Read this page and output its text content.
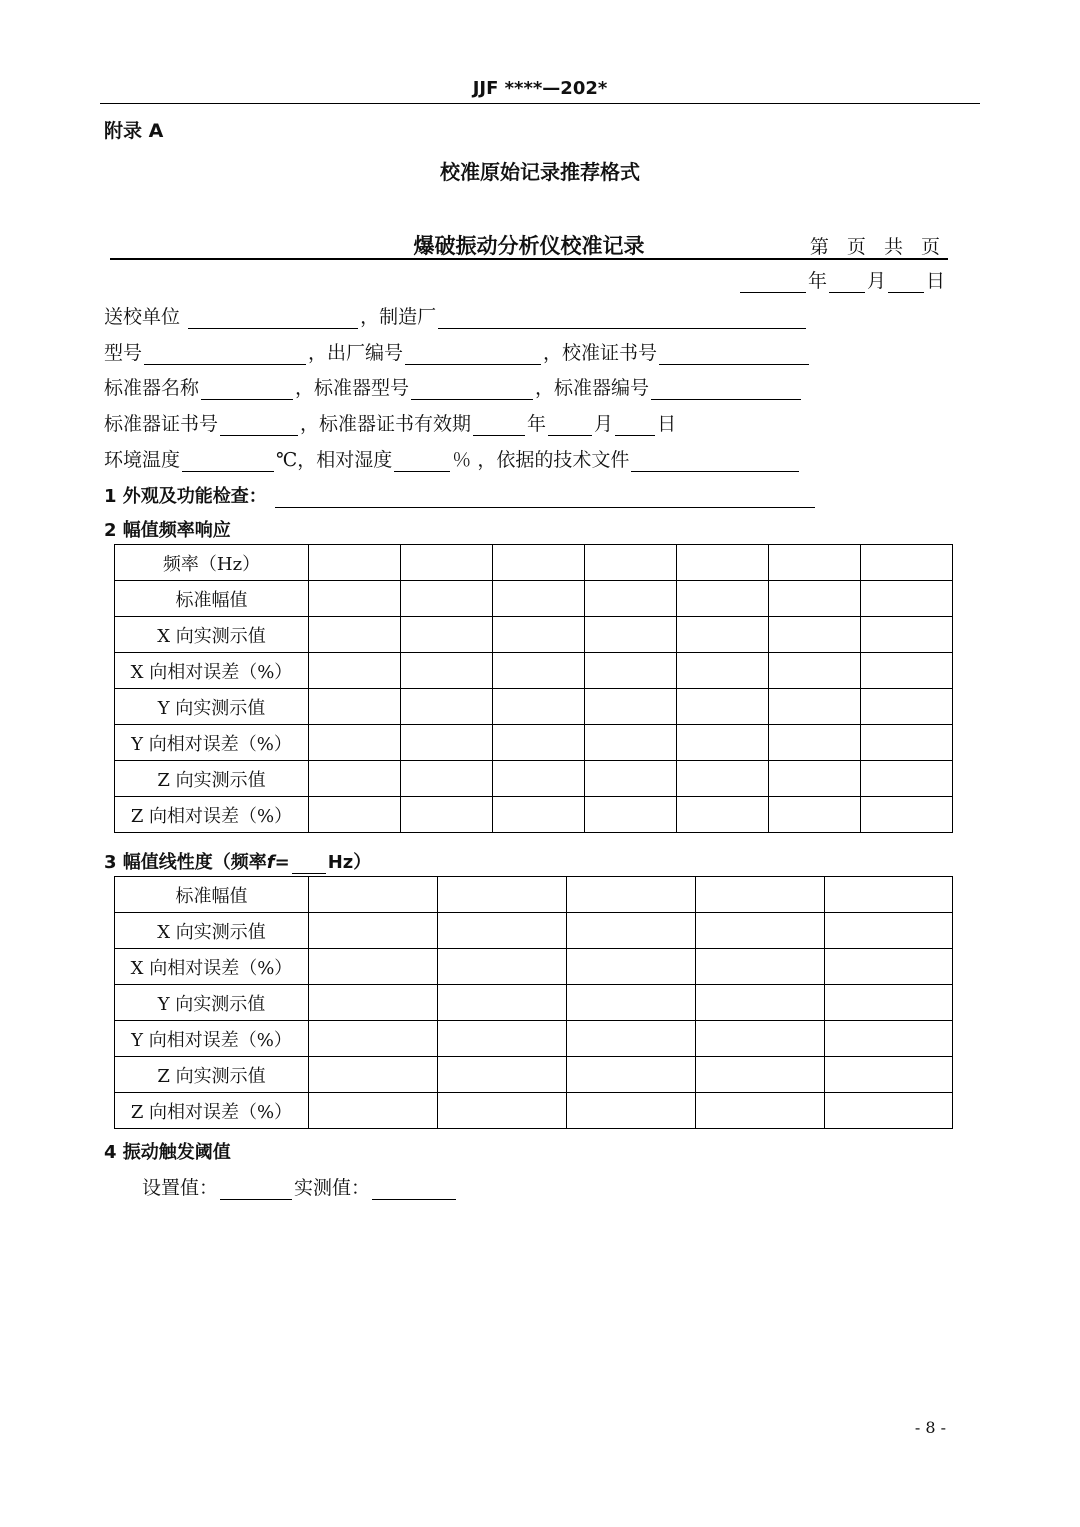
JJF ****—202*
附录 A
校准原始记录推荐格式
爆破振动分析仪校准记录	第 页 共 页
年 月 日
送校单位	，制造厂
型号	，出厂编号	，校准证书号
标准器名称	，标准器型号	，标准器编号
标准器证书号	，标准器证书有效期	年	月 日
环境温度	℃，相对湿度	％ ，依据的技术文件
1 外观及功能检查：
2 幅值频率响应
频率（Hz）							
标准幅值							
X 向实测示值							
X 向相对误差（%）							
Y 向实测示值							
Y 向相对误差（%）							
Z 向实测示值							
Z 向相对误差（%）							
3 幅值线性度（频率f= Hz）
标准幅值					
X 向实测示值					
X 向相对误差（%）					
Y 向实测示值					
Y 向相对误差（%）					
Z 向实测示值					
Z 向相对误差（%）					
4 振动触发阈值
设置值：	实测值：
- 8 -
